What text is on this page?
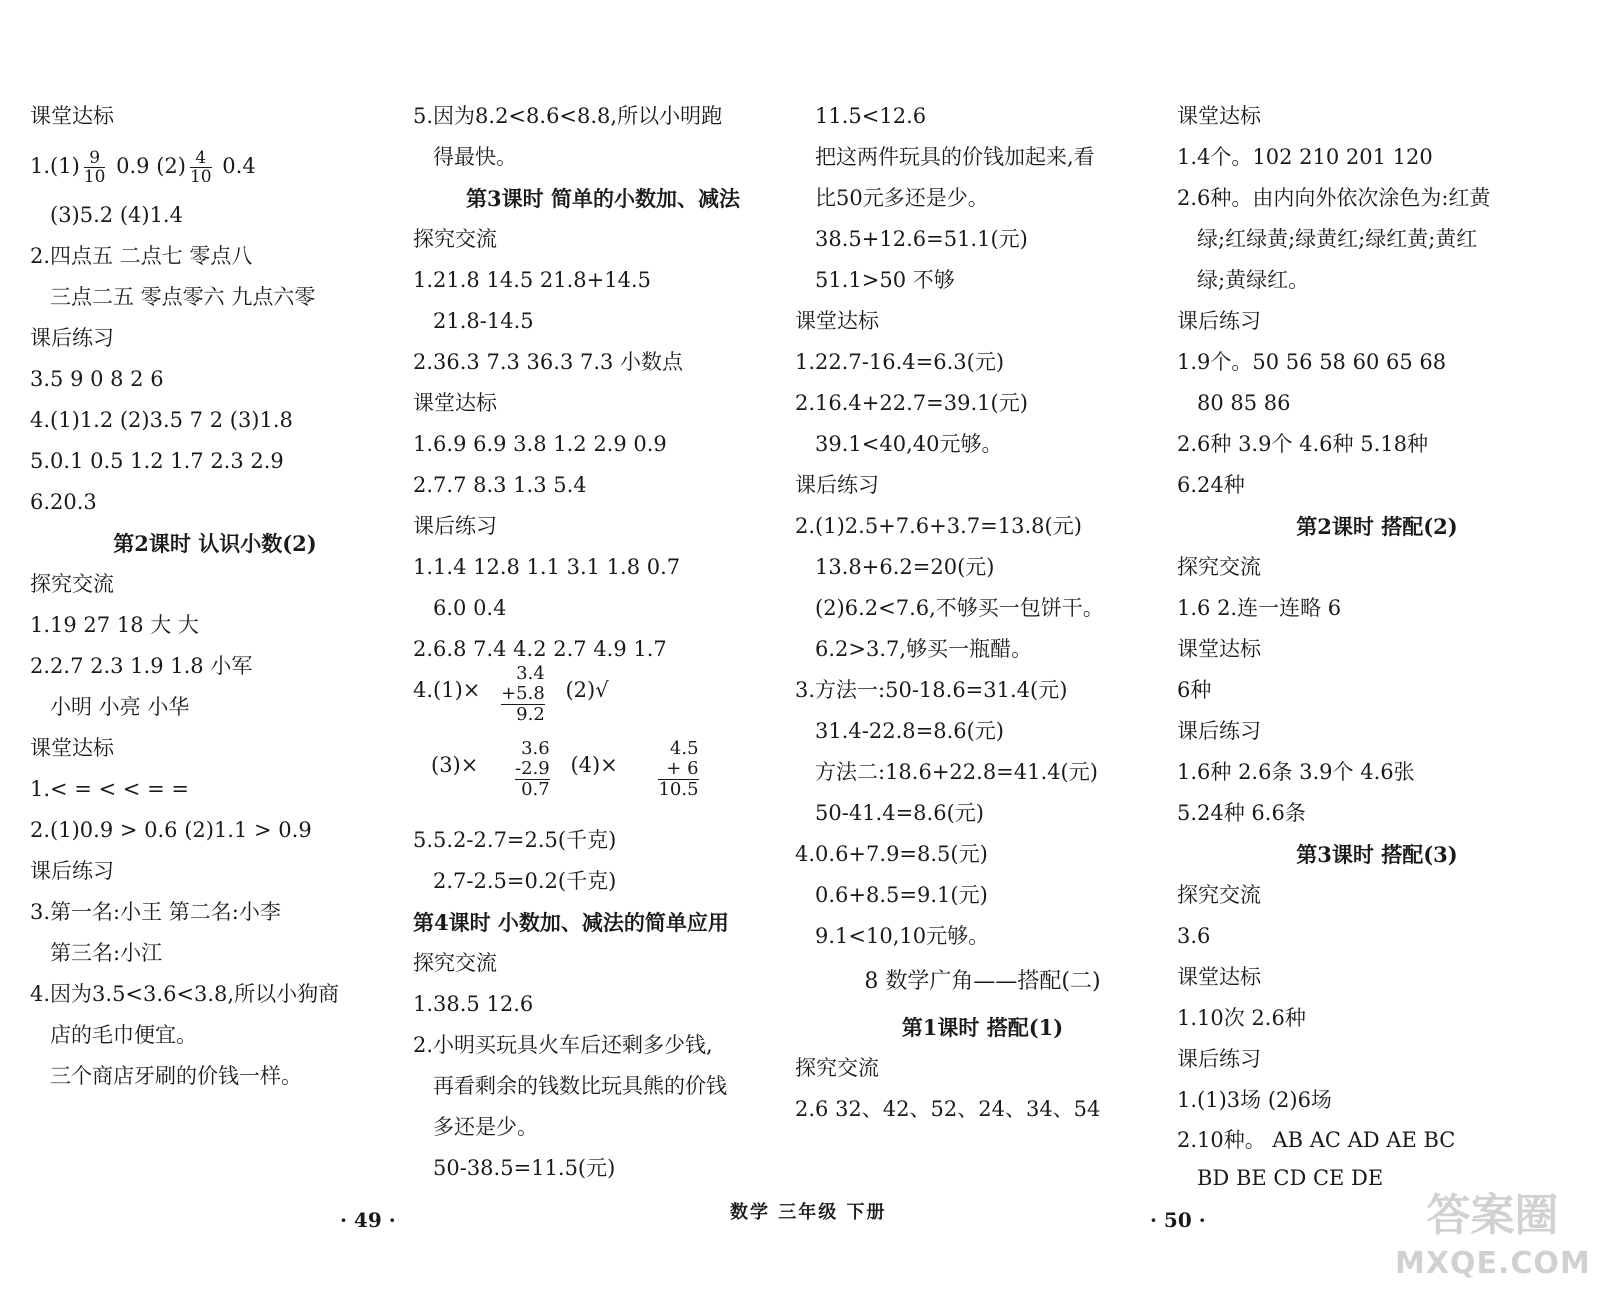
课堂达标
$1.(1) \frac{9}{10} 0.9$ $(2) \frac{4}{10} 0.4$
(3)5.2 (4)1.4
2.四点五 二点七 零点八
三点二五 零点零六 九点六零
课后练习
3.5 9 0 8 2 6
4.(1)1.2 (2)3.5 7 2 (3)1.8
5.0.1 0.5 1.2 1.7 2.3 2.9
6.20.3
第2课时 认识小数(2)
探究交流
1.19 27 18 大 大
2.2.7 2.3 1.9 1.8 小军
小明 小亮 小华
课堂达标
1.< = < < = =
2.(1)0.9 > 0.6 (2)1.1 > 0.9
课后练习
3.第一名:小王 第二名:小李
第三名:小江
4.因为3.5<3.6<3.8,所以小狗商
店的毛巾便宜。
三个商店牙刷的价钱一样。
5.因为8.2<8.6<8.8,所以小明跑
得最快。
第3课时 简单的小数加、减法
探究交流
1.21.8 14.5 21.8+14.5
21.8-14.5
2.36.3 7.3 36.3 7.3 小数点
课堂达标
1.6.9 6.9 3.8 1.2 2.9 0.9
2.7.7 8.3 1.3 5.4
课后练习
1.1.4 12.8 1.1 3.1 1.8 0.7
6.0 0.4
2.6.8 7.4 4.2 2.7 4.9 1.7
4.(1)×
3.4
+5.8
9.2
(2)√
(3)×
3.6
-2.9
0.7
(4)×
4.5
+ 6
10.5
5.5.2-2.7=2.5(千克)
2.7-2.5=0.2(千克)
第4课时 小数加、减法的简单应用
探究交流
1.38.5 12.6
2.小明买玩具火车后还剩多少钱,
再看剩余的钱数比玩具熊的价钱
多还是少。
50-38.5=11.5(元)
11.5<12.6
把这两件玩具的价钱加起来,看
比50元多还是少。
38.5+12.6=51.1(元)
51.1>50 不够
课堂达标
1.22.7-16.4=6.3(元)
2.16.4+22.7=39.1(元)
39.1<40,40元够。
课后练习
2.(1)2.5+7.6+3.7=13.8(元)
13.8+6.2=20(元)
(2)6.2<7.6,不够买一包饼干。
6.2>3.7,够买一瓶醋。
3.方法一:50-18.6=31.4(元)
31.4-22.8=8.6(元)
方法二:18.6+22.8=41.4(元)
50-41.4=8.6(元)
4.0.6+7.9=8.5(元)
0.6+8.5=9.1(元)
9.1<10,10元够。
8 数学广角——搭配(二)
第1课时 搭配(1)
探究交流
2.6 32、42、52、24、34、54
课堂达标
1.4个。102 210 201 120
2.6种。由内向外依次涂色为:红黄
绿;红绿黄;绿黄红;绿红黄;黄红
绿;黄绿红。
课后练习
1.9个。50 56 58 60 65 68
80 85 86
2.6种 3.9个 4.6种 5.18种
6.24种
第2课时 搭配(2)
探究交流
1.6 2.连一连略 6
课堂达标
6种
课后练习
1.6种 2.6条 3.9个 4.6张
5.24种 6.6条
第3课时 搭配(3)
探究交流
3.6
课堂达标
1.10次 2.6种
课后练习
1.(1)3场 (2)6场
2.10种。 AB AC AD AE BC
BD BE CD CE DE
· 49 ·	数学 三年级 下册	· 50 ·	答案圈
MXQE.COM
